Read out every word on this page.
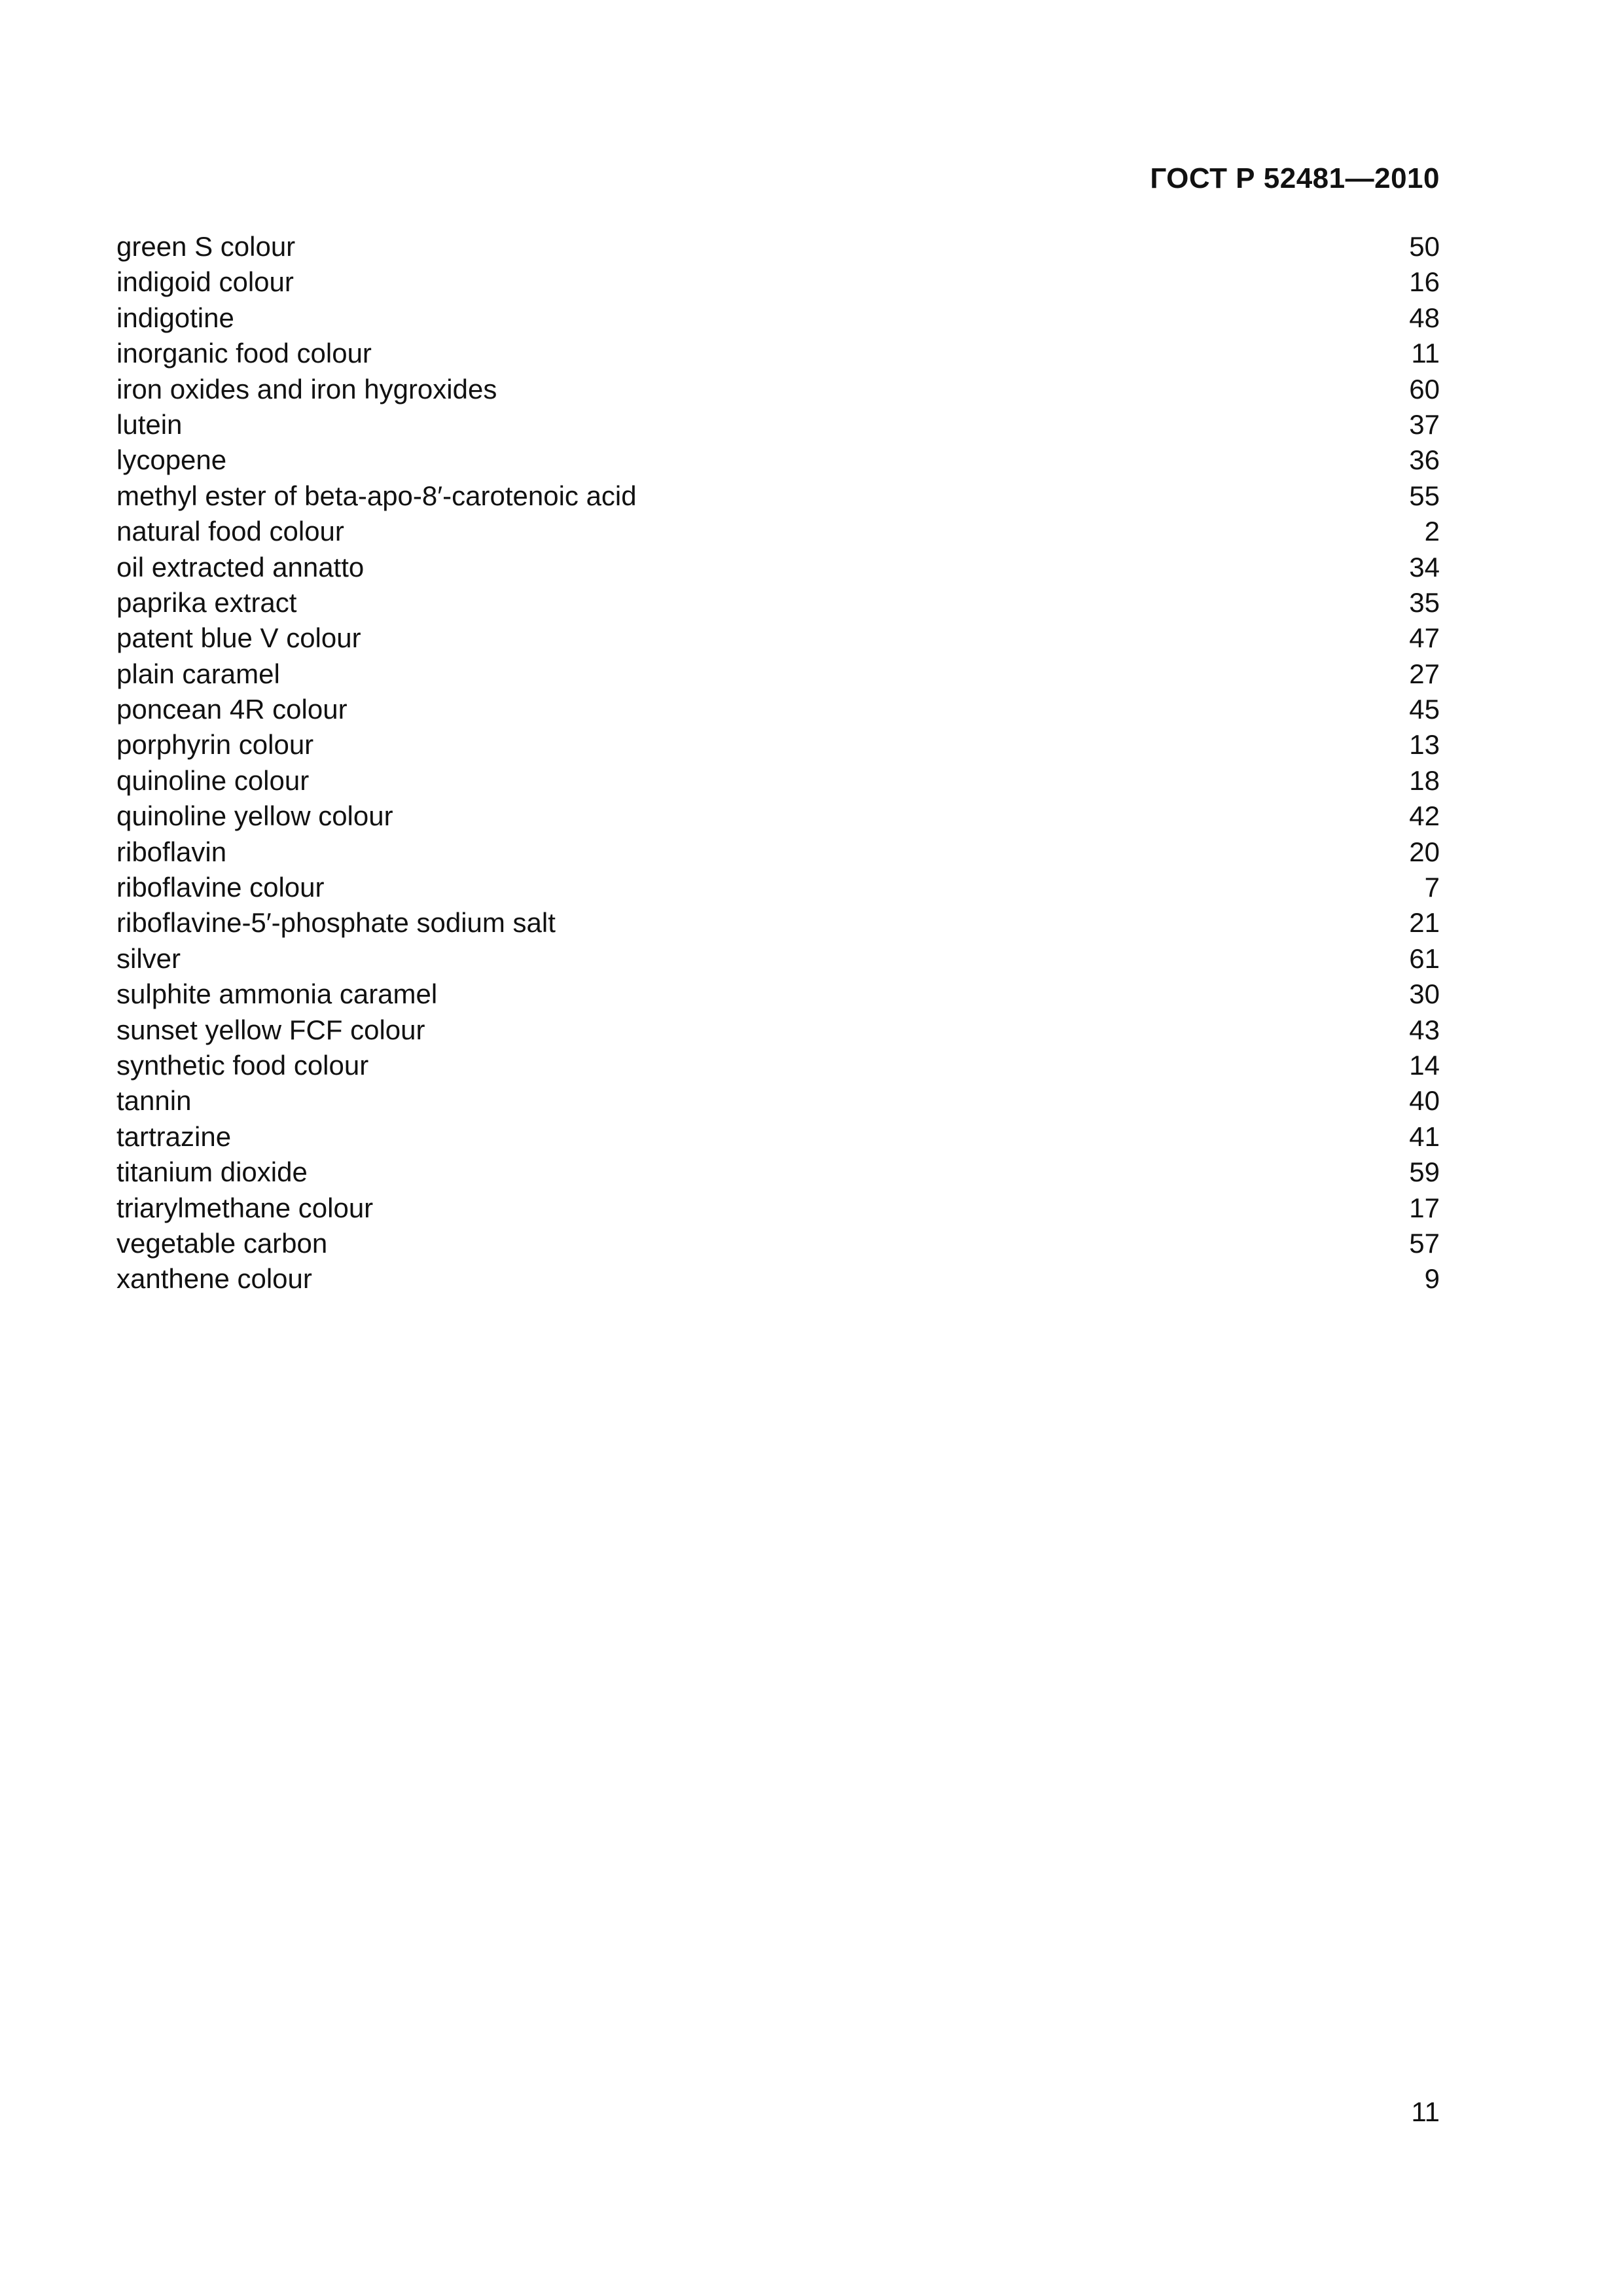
ГОСТ Р 52481—2010
green S colour	50
indigoid colour	16
indigotine	48
inorganic food colour	11
iron oxides and iron hygroxides	60
lutein	37
lycopene	36
methyl ester of beta-apo-8′-carotenoic acid	55
natural food colour	2
oil extracted annatto	34
paprika extract	35
patent blue V colour	47
plain caramel	27
poncean 4R colour	45
porphyrin colour	13
quinoline colour	18
quinoline yellow colour	42
riboflavin	20
riboflavine colour	7
riboflavine-5′-phosphate sodium salt	21
silver	61
sulphite ammonia caramel	30
sunset yellow FCF colour	43
synthetic food colour	14
tannin	40
tartrazine	41
titanium dioxide	59
triarylmethane colour	17
vegetable carbon	57
xanthene colour	9
11
